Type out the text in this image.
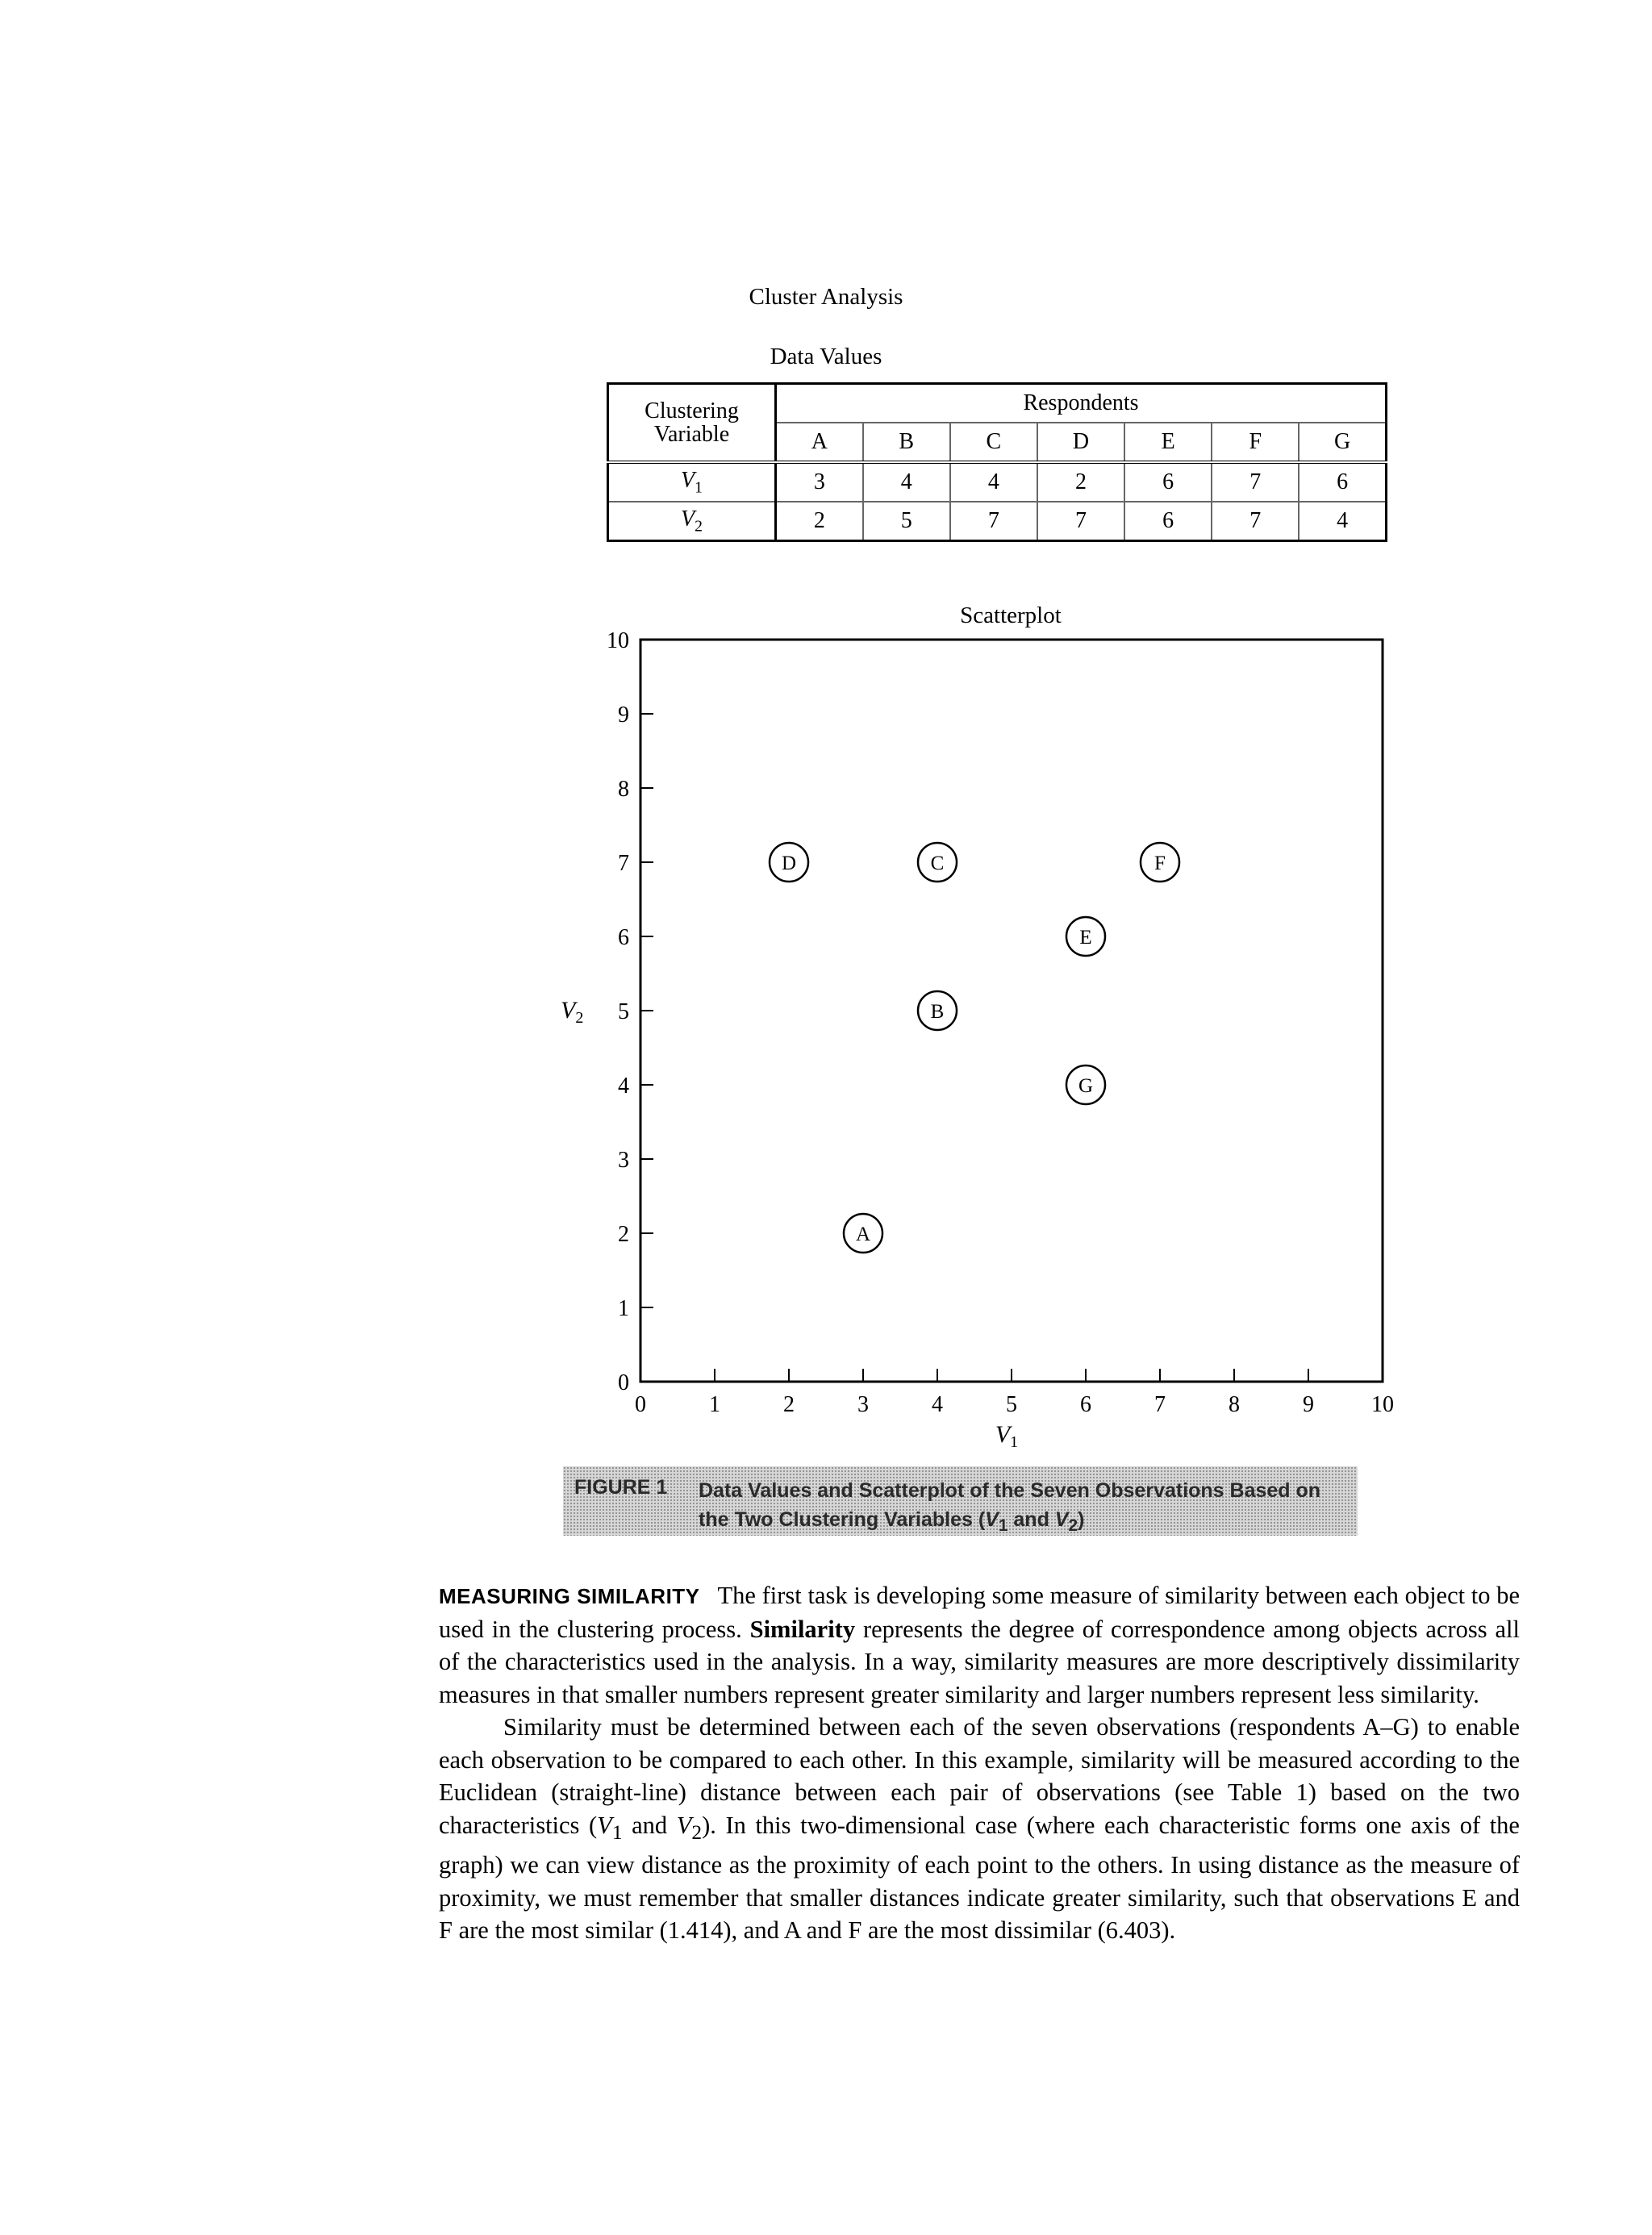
Cluster Analysis
Data Values
Clustering
Variable	Respondents						
	A	B	C	D	E	F	G
$V_1$	3	4	4	2	6	7	6
$V_2$	2	5	7	7	6	7	4
Scatterplot
0	1	2	3	4	5	6	7	8	9	10
0
1
2
3
4
5
6
7
8
9
10
A
B
C
D
E
F
G
$V_1$
$V_2$
FIGURE 1 Data Values and Scatterplot of the Seven Observations Based on the Two Clustering Variables ($V_1$ and $V_2$)

MEASURING SIMILARITY The first task is developing some measure of similarity between each object to be used in the clustering process. Similarity represents the degree of correspondence among objects across all of the characteristics used in the analysis. In a way, similarity measures are more descriptively dissimilarity measures in that smaller numbers represent greater similarity and larger numbers represent less similarity.

Similarity must be determined between each of the seven observations (respondents A–G) to enable each observation to be compared to each other. In this example, similarity will be measured according to the Euclidean (straight-line) distance between each pair of observations (see Table 1) based on the two characteristics ($V_1$ and $V_2$). In this two-dimensional case (where each characteristic forms one axis of the graph) we can view distance as the proximity of each point to the others. In using distance as the measure of proximity, we must remember that smaller distances indicate greater similarity, such that observations E and F are the most similar (1.414), and A and F are the most dissimilar (6.403).
